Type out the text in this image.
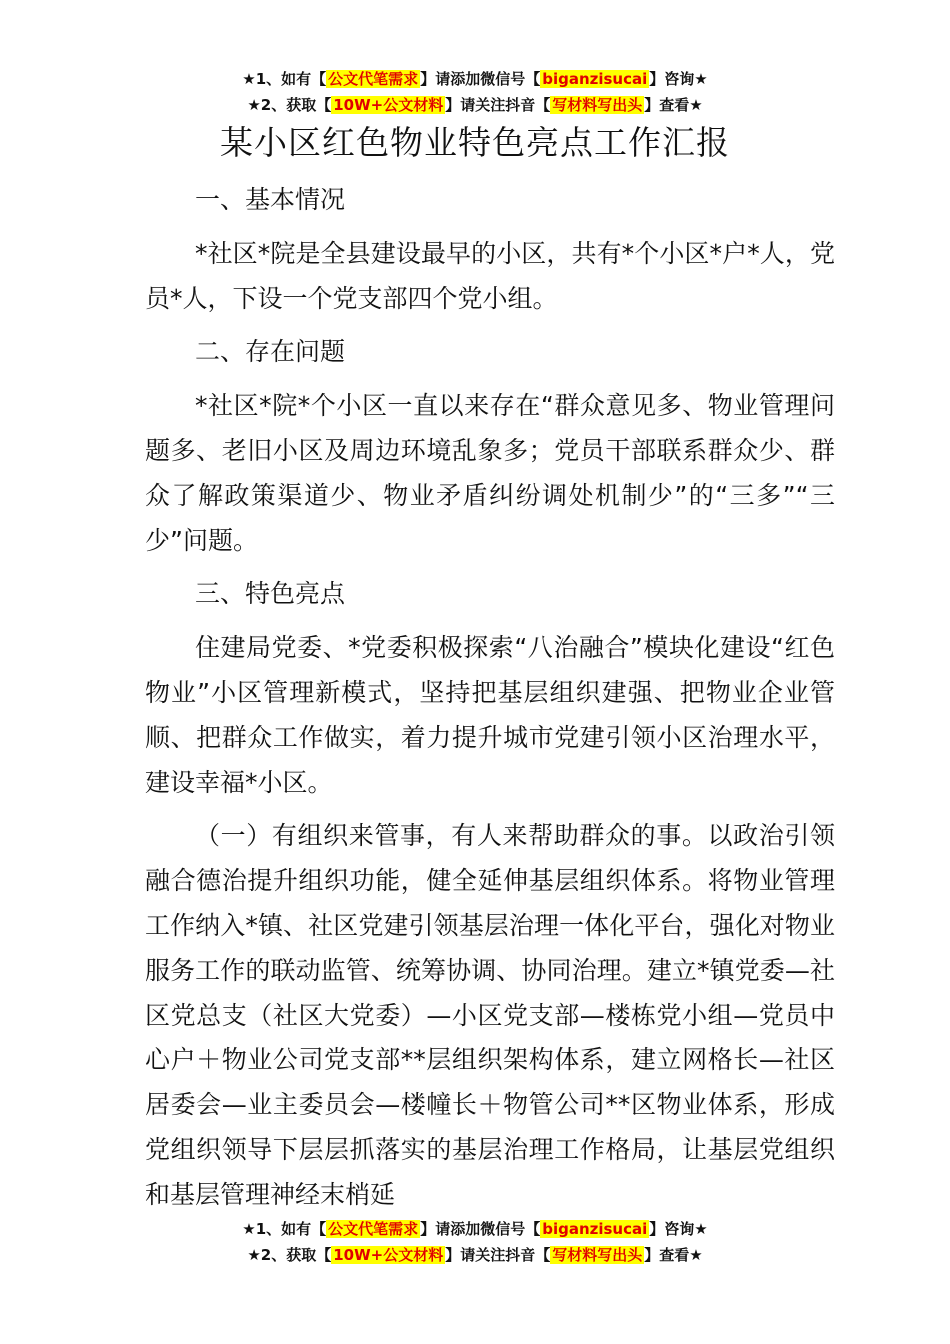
★1、如有【 公文代笔需求 】请添加微信号【 biganzisucai 】咨询★
★2、获取【 10W+公文材料 】请关注抖音【 写材料写出头 】查看★
某小区红色物业特色亮点工作汇报

一、基本情况

*社区*院是全县建设最早的小区，共有*个小区*户*人，党员*人，下设一个党支部四个党小组。

二、存在问题

*社区*院*个小区一直以来存在“群众意见多、物业管理问题多、老旧小区及周边环境乱象多；党员干部联系群众少、群众了解政策渠道少、物业矛盾纠纷调处机制少”的“三多”“三少”问题。

三、特色亮点

住建局党委、*党委积极探索“八治融合”模块化建设“红色物业”小区管理新模式，坚持把基层组织建强、把物业企业管顺、把群众工作做实，着力提升城市党建引领小区治理水平，建设幸福*小区。

（一）有组织来管事，有人来帮助群众的事。以政治引领融合德治提升组织功能，健全延伸基层组织体系。将物业管理工作纳入*镇、社区党建引领基层治理一体化平台，强化对物业服务工作的联动监管、统筹协调、协同治理。建立*镇党委—社区党总支（社区大党委）—小区党支部—楼栋党小组—党员中心户＋物业公司党支部**层组织架构体系，建立网格长—社区居委会—业主委员会—楼幢长＋物管公司**区物业体系，形成党组织领导下层层抓落实的基层治理工作格局，让基层党组织和基层管理神经末梢延

★1、如有【 公文代笔需求 】请添加微信号【 biganzisucai 】咨询★
★2、获取【 10W+公文材料 】请关注抖音【 写材料写出头 】查看★
